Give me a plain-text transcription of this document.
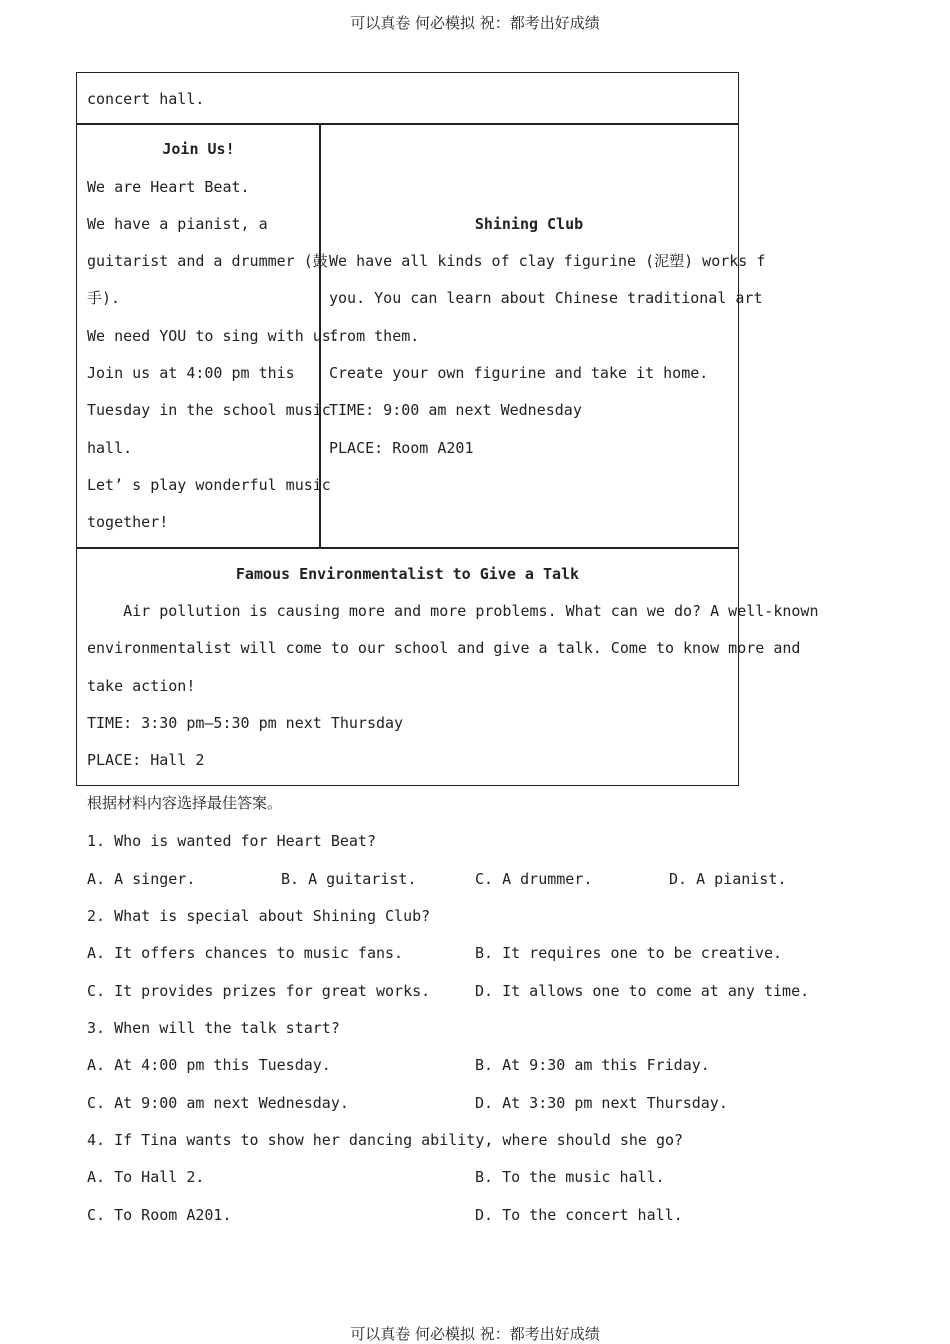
可以真卷 何必模拟 祝：都考出好成绩
concert hall.
Join Us!
We are Heart Beat.
We have a pianist, a
guitarist and a drummer (鼓
手).
We need YOU to sing with us.
Join us at 4:00 pm this
Tuesday in the school music
hall.
Let’ s play wonderful music
together!
Shining Club
We have all kinds of clay figurine (泥塑) works f
you. You can learn about Chinese traditional art
from them.
Create your own figurine and take it home.
TIME: 9:00 am next Wednesday
PLACE: Room A201
Famous Environmentalist to Give a Talk
Air pollution is causing more and more problems. What can we do? A well-known
environmentalist will come to our school and give a talk. Come to know more and
take action!
TIME: 3:30 pm—5:30 pm next Thursday
PLACE: Hall 2
根据材料内容选择最佳答案。
1. Who is wanted for Heart Beat?
A. A singer.	B. A guitarist.	C. A drummer.	D. A pianist.
2. What is special about Shining Club?
A. It offers chances to music fans.	B. It requires one to be creative.
C. It provides prizes for great works.	D. It allows one to come at any time.
3. When will the talk start?
A. At 4:00 pm this Tuesday.	B. At 9:30 am this Friday.
C. At 9:00 am next Wednesday.	D. At 3:30 pm next Thursday.
4. If Tina wants to show her dancing ability, where should she go?
A. To Hall 2.	B. To the music hall.
C. To Room A201.	D. To the concert hall.
可以真卷 何必模拟 祝：都考出好成绩
